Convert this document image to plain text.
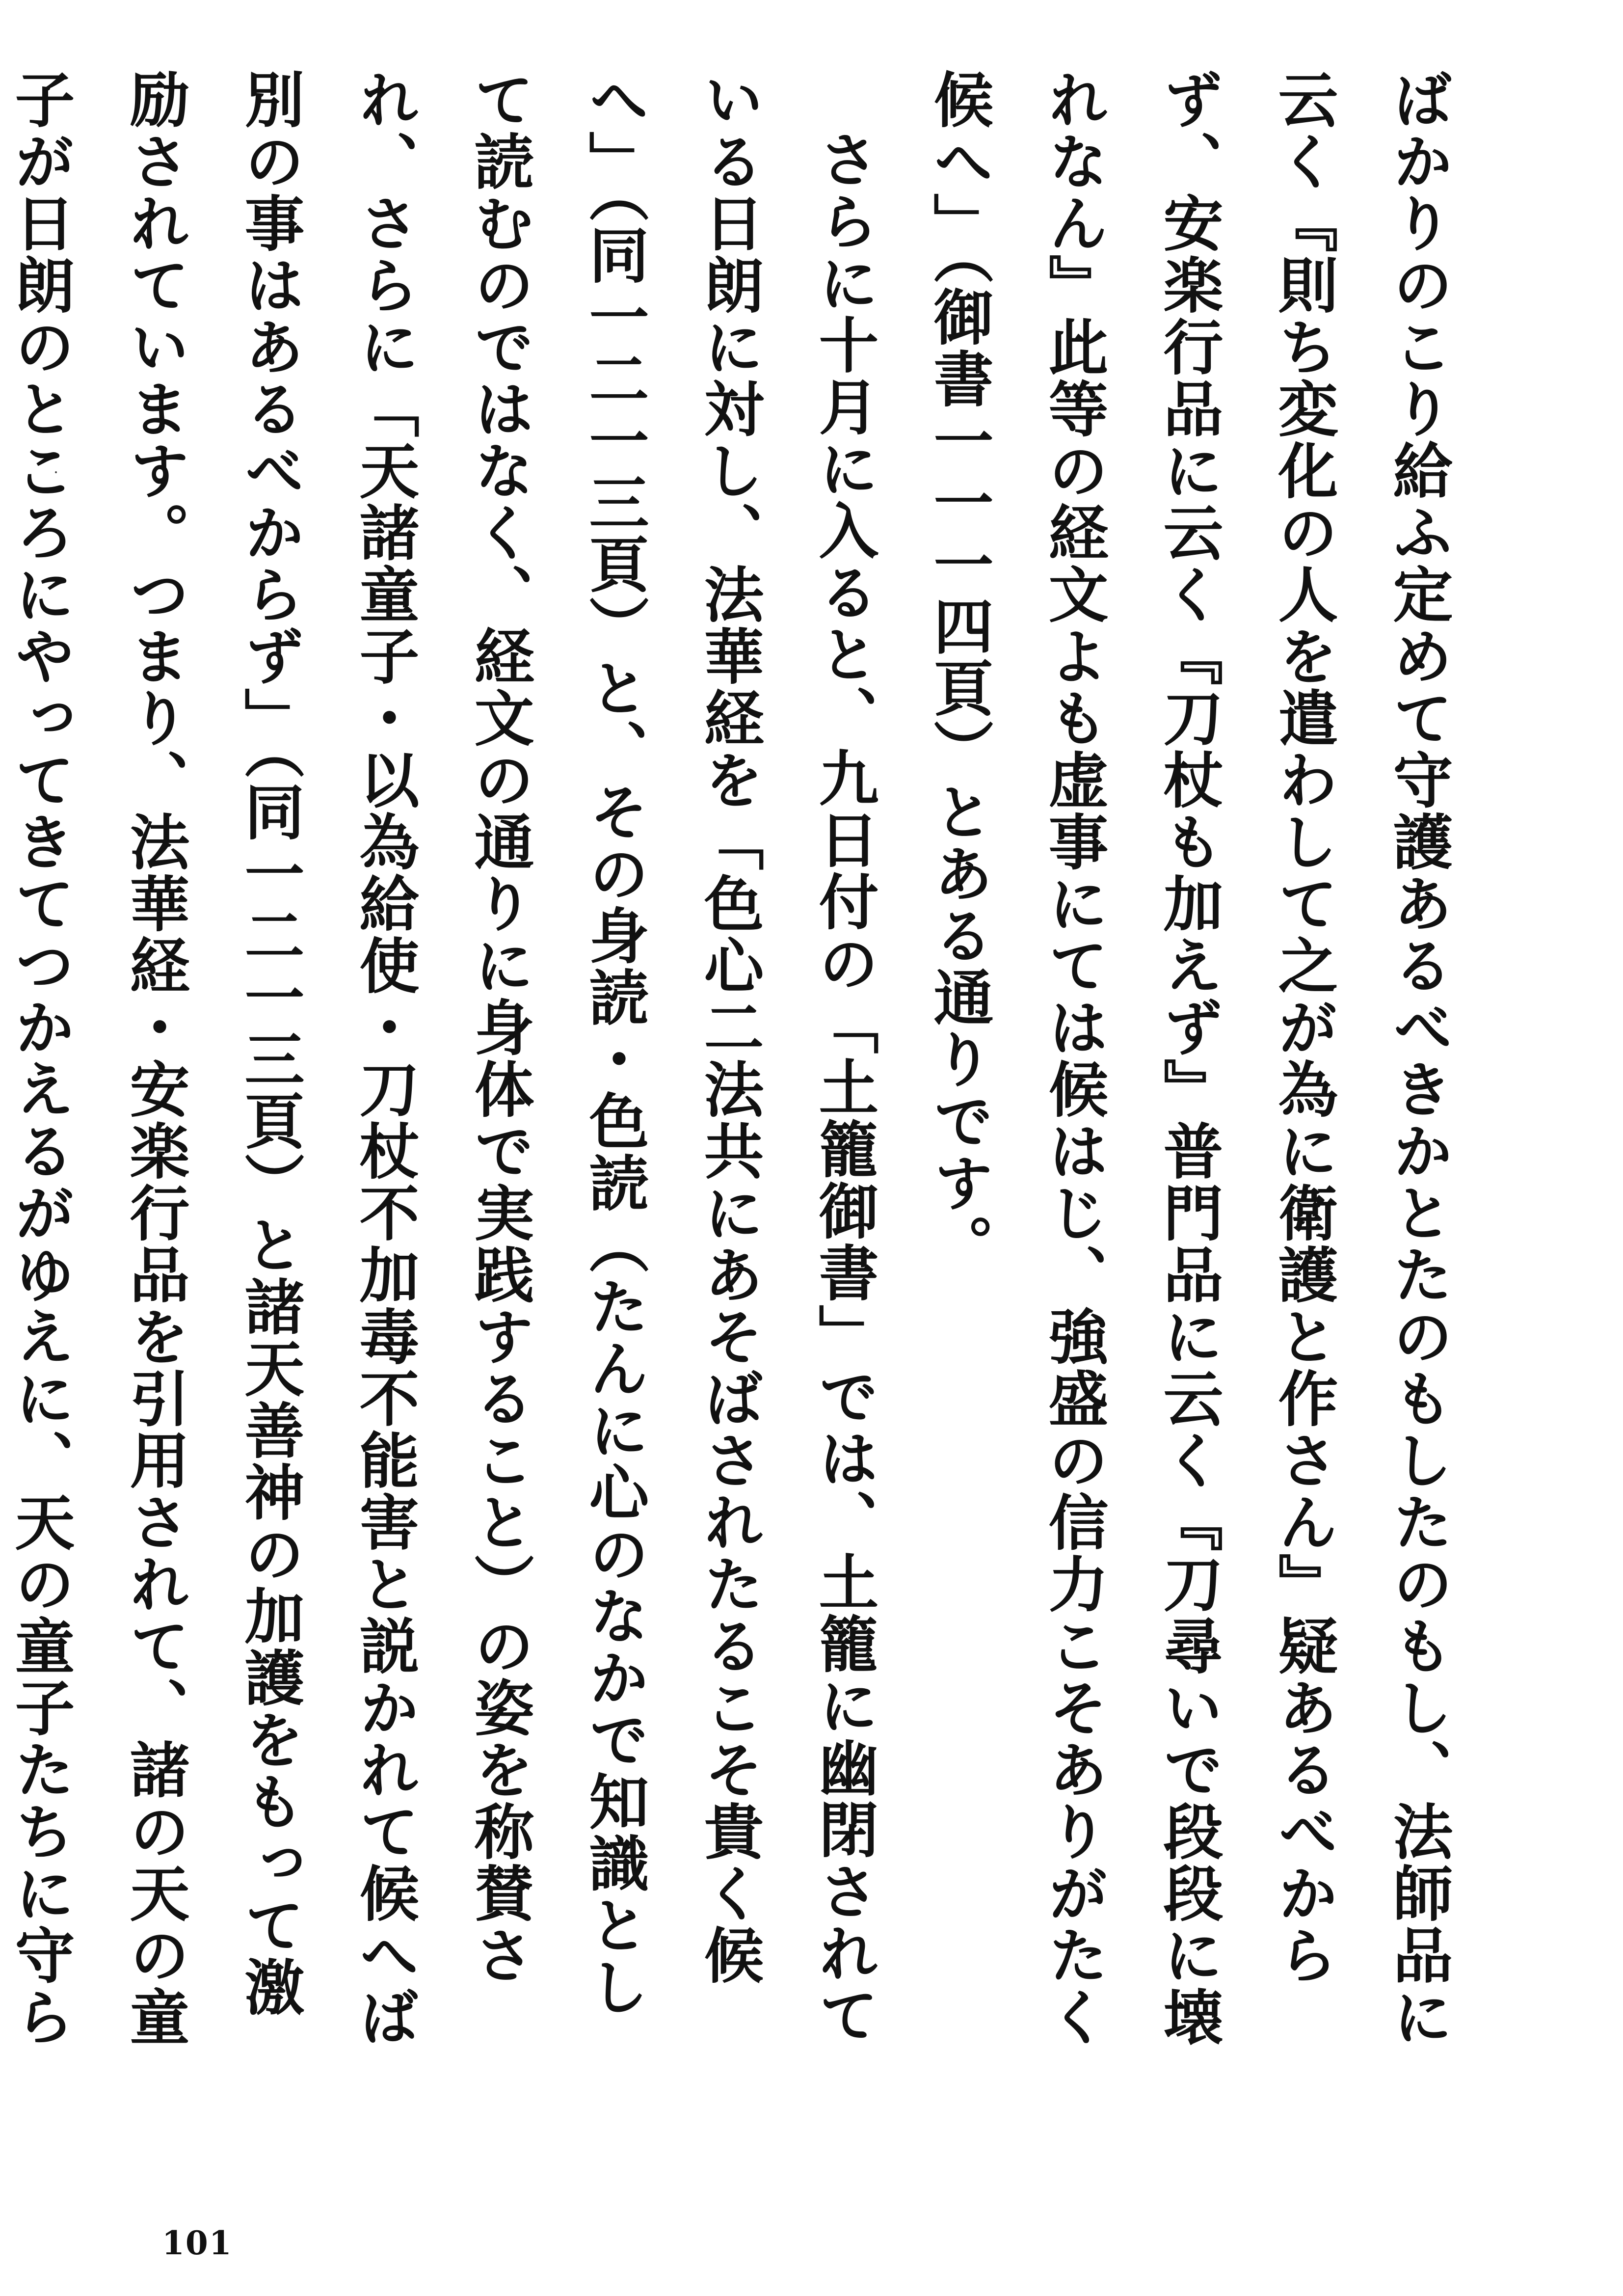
ばかりのこり給ふ定めて守護あるべきかとたのもしたのもし、法師品に云く『則ち変化の人を遣わして之が為に衛護と作さん』疑あるべからず、安楽行品に云く『刀杖も加えず』普門品に云く『刀尋いで段段に壊れなん』此等の経文よも虚事にては候はじ、強盛の信力こそありがたく候へ」（御書一一一四頁）とある通りです。

さらに十月に入ると、九日付の「土籠御書」では、土籠に幽閉されている日朗に対し、法華経を「色心二法共にあそばされたるこそ貴く候へ」（同一二一三頁）と、その身読・色読（たんに心のなかで知識として読むのではなく、経文の通りに身体で実践すること）の姿を称賛され、さらに「天諸童子・以為給使・刀杖不加毒不能害と説かれて候へば別の事はあるべからず」（同一二一三頁）と諸天善神の加護をもって激励されています。つまり、法華経・安楽行品を引用されて、諸の天の童子が日朗のところにやってきてつかえるがゆえに、天の童子たちに守ら

101
